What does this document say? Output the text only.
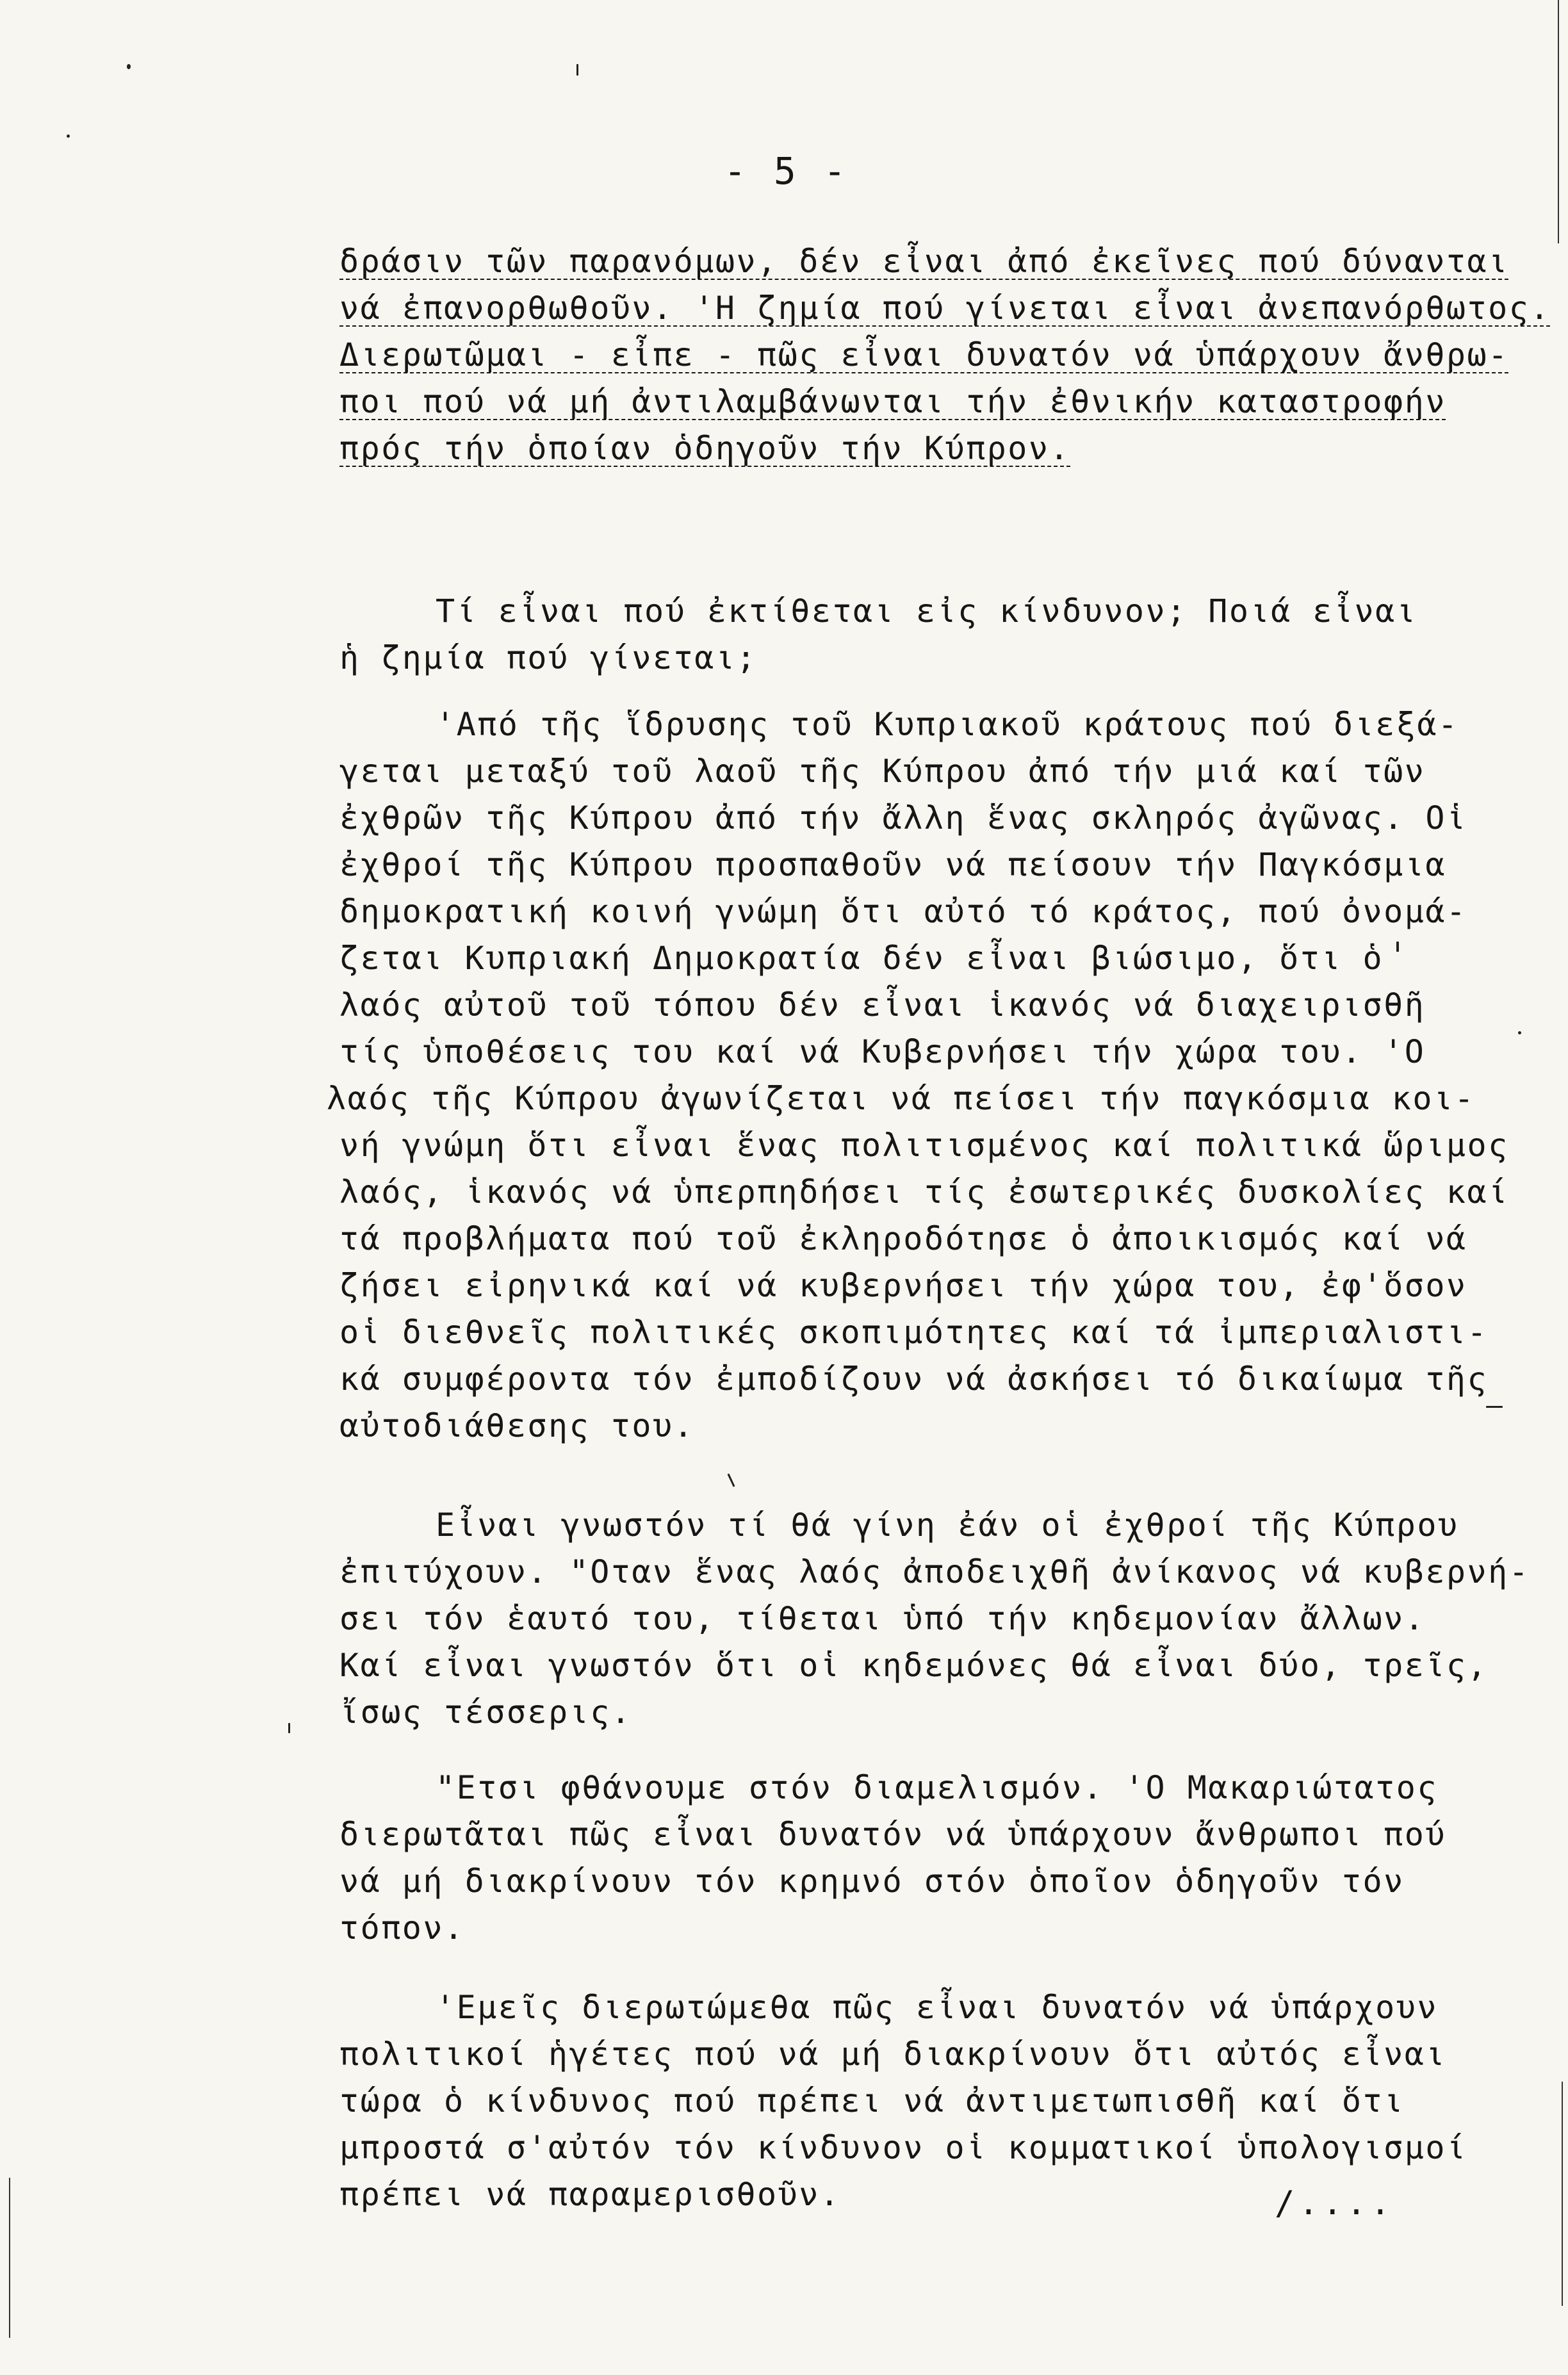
- 5 -
δράσιν τῶν παρανόμων, δέν εἶναι ἀπό ἐκεῖνες πού δύνανται
νά ἐπανορθωθοῦν. 'Η ζημία πού γίνεται εἶναι ἀνεπανόρθωτος.
Διερωτῶμαι - εἶπε - πῶς εἶναι δυνατόν νά ὑπάρχουν ἄνθρω-
ποι πού νά μή ἀντιλαμβάνωνται τήν ἐθνικήν καταστροφήν
πρός τήν ὁποίαν ὁδηγοῦν τήν Κύπρον.
Τί εἶναι πού ἐκτίθεται εἰς κίνδυνον; Ποιά εἶναι
ἡ ζημία πού γίνεται;
'Από τῆς ἵδρυσης τοῦ Κυπριακοῦ κράτους πού διεξά-
γεται μεταξύ τοῦ λαοῦ τῆς Κύπρου ἀπό τήν μιά καί τῶν
ἐχθρῶν τῆς Κύπρου ἀπό τήν ἄλλη ἕνας σκληρός ἀγῶνας. Οἱ
ἐχθροί τῆς Κύπρου προσπαθοῦν νά πείσουν τήν Παγκόσμια
δημοκρατική κοινή γνώμη ὅτι αὐτό τό κράτος, πού ὀνομά-
ζεται Κυπριακή Δημοκρατία δέν εἶναι βιώσιμο, ὅτι ὁ
λαός αὐτοῦ τοῦ τόπου δέν εἶναι ἱκανός νά διαχειρισθῆ
τίς ὑποθέσεις του καί νά Κυβερνήσει τήν χώρα του. 'Ο
λαός τῆς Κύπρου ἀγωνίζεται νά πείσει τήν παγκόσμια κοι-
νή γνώμη ὅτι εἶναι ἕνας πολιτισμένος καί πολιτικά ὥριμος
λαός, ἱκανός νά ὑπερπηδήσει τίς ἐσωτερικές δυσκολίες καί
τά προβλήματα πού τοῦ ἐκληροδότησε ὁ ἀποικισμός καί νά
ζήσει εἰρηνικά καί νά κυβερνήσει τήν χώρα του, ἐφ'ὅσον
οἱ διεθνεῖς πολιτικές σκοπιμότητες καί τά ἰμπεριαλιστι-
κά συμφέροντα τόν ἐμποδίζουν νά ἀσκήσει τό δικαίωμα τῆς
αὐτοδιάθεσης του.
Εἶναι γνωστόν τί θά γίνη ἐάν οἱ ἐχθροί τῆς Κύπρου
ἐπιτύχουν. "Οταν ἕνας λαός ἀποδειχθῆ ἀνίκανος νά κυβερνή-
σει τόν ἑαυτό του, τίθεται ὑπό τήν κηδεμονίαν ἄλλων.
Καί εἶναι γνωστόν ὅτι οἱ κηδεμόνες θά εἶναι δύο, τρεῖς,
ἴσως τέσσερις.
"Ετσι φθάνουμε στόν διαμελισμόν. 'Ο Μακαριώτατος
διερωτᾶται πῶς εἶναι δυνατόν νά ὑπάρχουν ἄνθρωποι πού
νά μή διακρίνουν τόν κρημνό στόν ὁποῖον ὁδηγοῦν τόν
τόπον.
'Εμεῖς διερωτώμεθα πῶς εἶναι δυνατόν νά ὑπάρχουν
πολιτικοί ἡγέτες πού νά μή διακρίνουν ὅτι αὐτός εἶναι
τώρα ὁ κίνδυνος πού πρέπει νά ἀντιμετωπισθῆ καί ὅτι
μπροστά σ'αὐτόν τόν κίνδυνον οἱ κομματικοί ὑπολογισμοί
πρέπει νά παραμερισθοῦν.	/....
